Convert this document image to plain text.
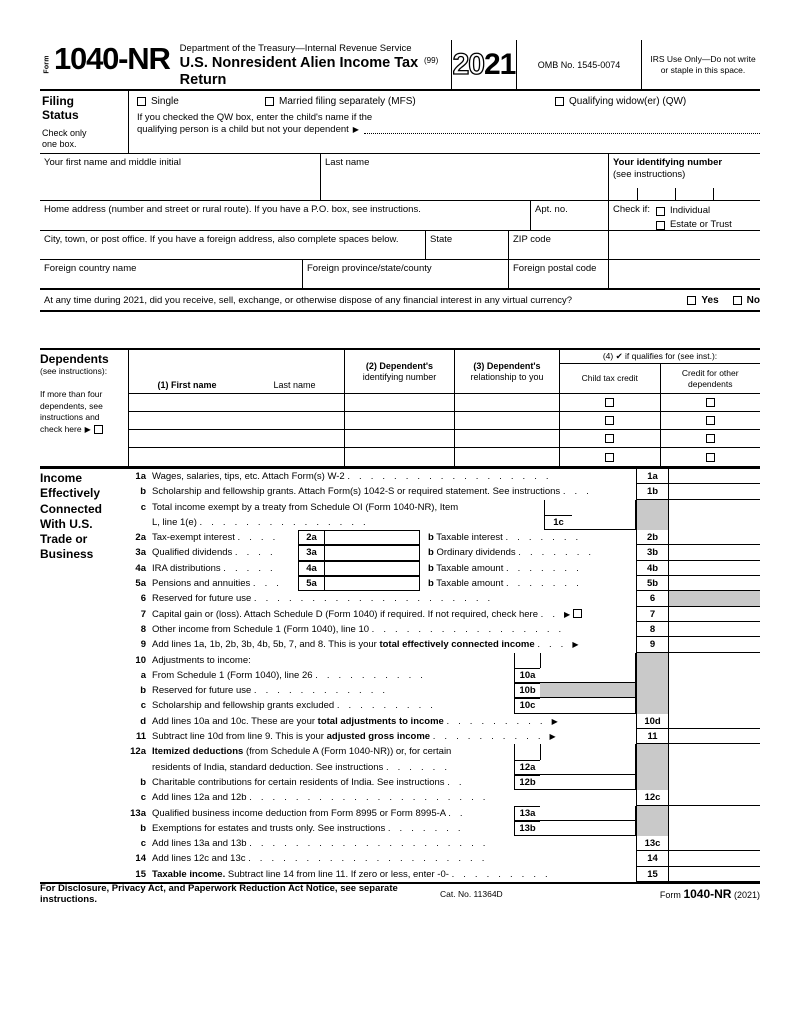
Form 1040-NR	Department of the Treasury—Internal Revenue Service
U.S. Nonresident Alien Income Tax Return
(99) 20 21	OMB No. 1545-0074
IRS Use Only—Do not write or staple in this space.
Filing
Status
Check only
one box.
Single	Married filing separately (MFS)	Qualifying widow(er) (QW)
If you checked the QW box, enter the child's name if the
qualifying person is a child but not your dependent ▶
Your first name and middle initial	Last name	Your identifying number
(see instructions)
Home address (number and street or rural route). If you have a P.O. box, see instructions.	Apt. no.	Check if: Individual
Estate or Trust
City, town, or post office. If you have a foreign address, also complete spaces below.	State	ZIP code
Foreign country name	Foreign province/state/county	Foreign postal code
At any time during 2021, did you receive, sell, exchange, or otherwise dispose of any financial interest in any virtual currency?	Yes	No
Dependents
(see instructions):
If more than four
dependents, see
instructions and
check here ▶
(1) First name	Last name
(2) Dependent's
identifying number
(3) Dependent's
relationship to you
(4) ✔ if qualifies for (see inst.):
Child tax credit
Credit for other
dependents
Income
Effectively
Connected
With U.S.
Trade or
Business
1a Wages, salaries, tips, etc. Attach Form(s) W-2 . . . . . . . . . . . . . . . . . .	1a
b Scholarship and fellowship grants. Attach Form(s) 1042-S or required statement. See instructions . . .	1b
c Total income exempt by a treaty from Schedule OI (Form 1040-NR), Item
L, line 1(e) . . . . . . . . . . . . . . .	1c
2a Tax-exempt interest . . . .	2a	b Taxable interest . . . . . . .	2b
3a Qualified dividends . . . .	3a	b Ordinary dividends . . . . . . .	3b
4a IRA distributions . . . . .	4a	b Taxable amount . . . . . . .	4b
5a Pensions and annuities . . .	5a	b Taxable amount . . . . . . .	5b
6 Reserved for future use . . . . . . . . . . . . . . . . . . . . .	6
7 Capital gain or (loss). Attach Schedule D (Form 1040) if required. If not required, check here . . ▶	7
8 Other income from Schedule 1 (Form 1040), line 10 . . . . . . . . . . . . . . . . .	8
9 Add lines 1a, 1b, 2b, 3b, 4b, 5b, 7, and 8. This is your total effectively connected income . . . ▶	9
10 Adjustments to income:
a From Schedule 1 (Form 1040), line 26 . . . . . . . . . .	10a
b Reserved for future use . . . . . . . . . . . .	10b
c Scholarship and fellowship grants excluded . . . . . . . . .	10c
d Add lines 10a and 10c. These are your total adjustments to income . . . . . . . . . ▶	10d
11 Subtract line 10d from line 9. This is your adjusted gross income . . . . . . . . . . ▶	11
12a Itemized deductions (from Schedule A (Form 1040-NR)) or, for certain
residents of India, standard deduction. See instructions . . . . . .	12a
b Charitable contributions for certain residents of India. See instructions . .	12b
c Add lines 12a and 12b . . . . . . . . . . . . . . . . . . . . .	12c
13a Qualified business income deduction from Form 8995 or Form 8995-A . .	13a
b Exemptions for estates and trusts only. See instructions . . . . . . .	13b
c Add lines 13a and 13b . . . . . . . . . . . . . . . . . . . . .	13c
14 Add lines 12c and 13c . . . . . . . . . . . . . . . . . . . . .	14
15 Taxable income. Subtract line 14 from line 11. If zero or less, enter -0- . . . . . . . . .	15
For Disclosure, Privacy Act, and Paperwork Reduction Act Notice, see separate instructions.	Cat. No. 11364D	Form 1040-NR (2021)
